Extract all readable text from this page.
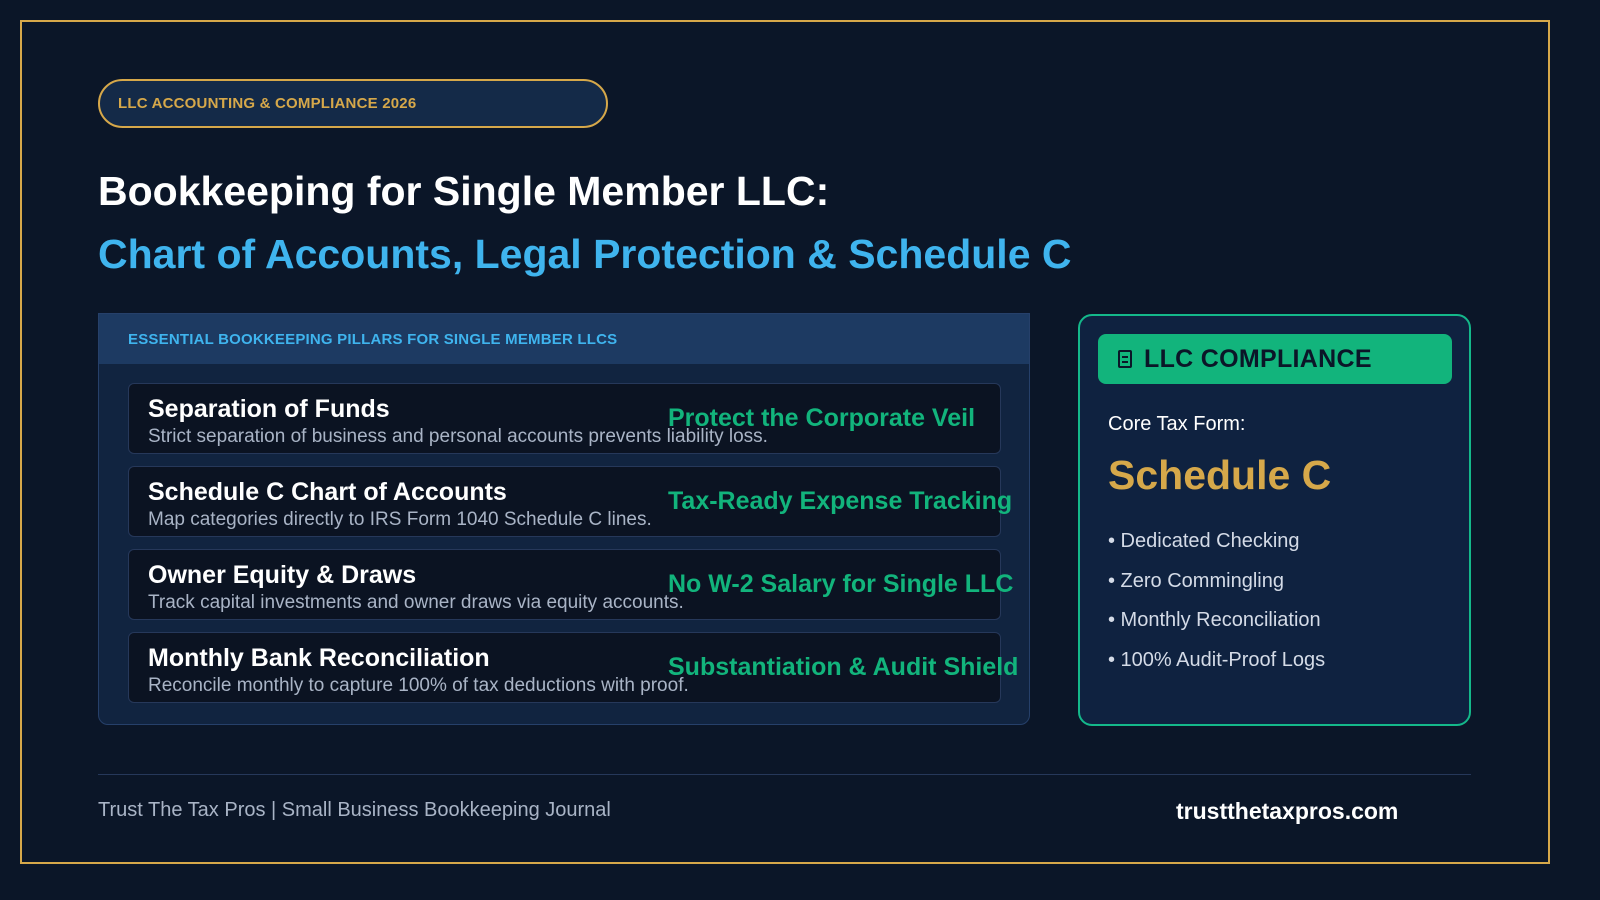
LLC ACCOUNTING & COMPLIANCE 2026
Bookkeeping for Single Member LLC:
Chart of Accounts, Legal Protection & Schedule C
ESSENTIAL BOOKKEEPING PILLARS FOR SINGLE MEMBER LLCS
Separation of Funds
Strict separation of business and personal accounts prevents liability loss.
Protect the Corporate Veil
Schedule C Chart of Accounts
Map categories directly to IRS Form 1040 Schedule C lines.
Tax-Ready Expense Tracking
Owner Equity & Draws
Track capital investments and owner draws via equity accounts.
No W-2 Salary for Single LLC
Monthly Bank Reconciliation
Reconcile monthly to capture 100% of tax deductions with proof.
Substantiation & Audit Shield
LLC COMPLIANCE
Core Tax Form:
Schedule C
• Dedicated Checking
• Zero Commingling
• Monthly Reconciliation
• 100% Audit-Proof Logs
Trust The Tax Pros | Small Business Bookkeeping Journal	trustthetaxpros.com
